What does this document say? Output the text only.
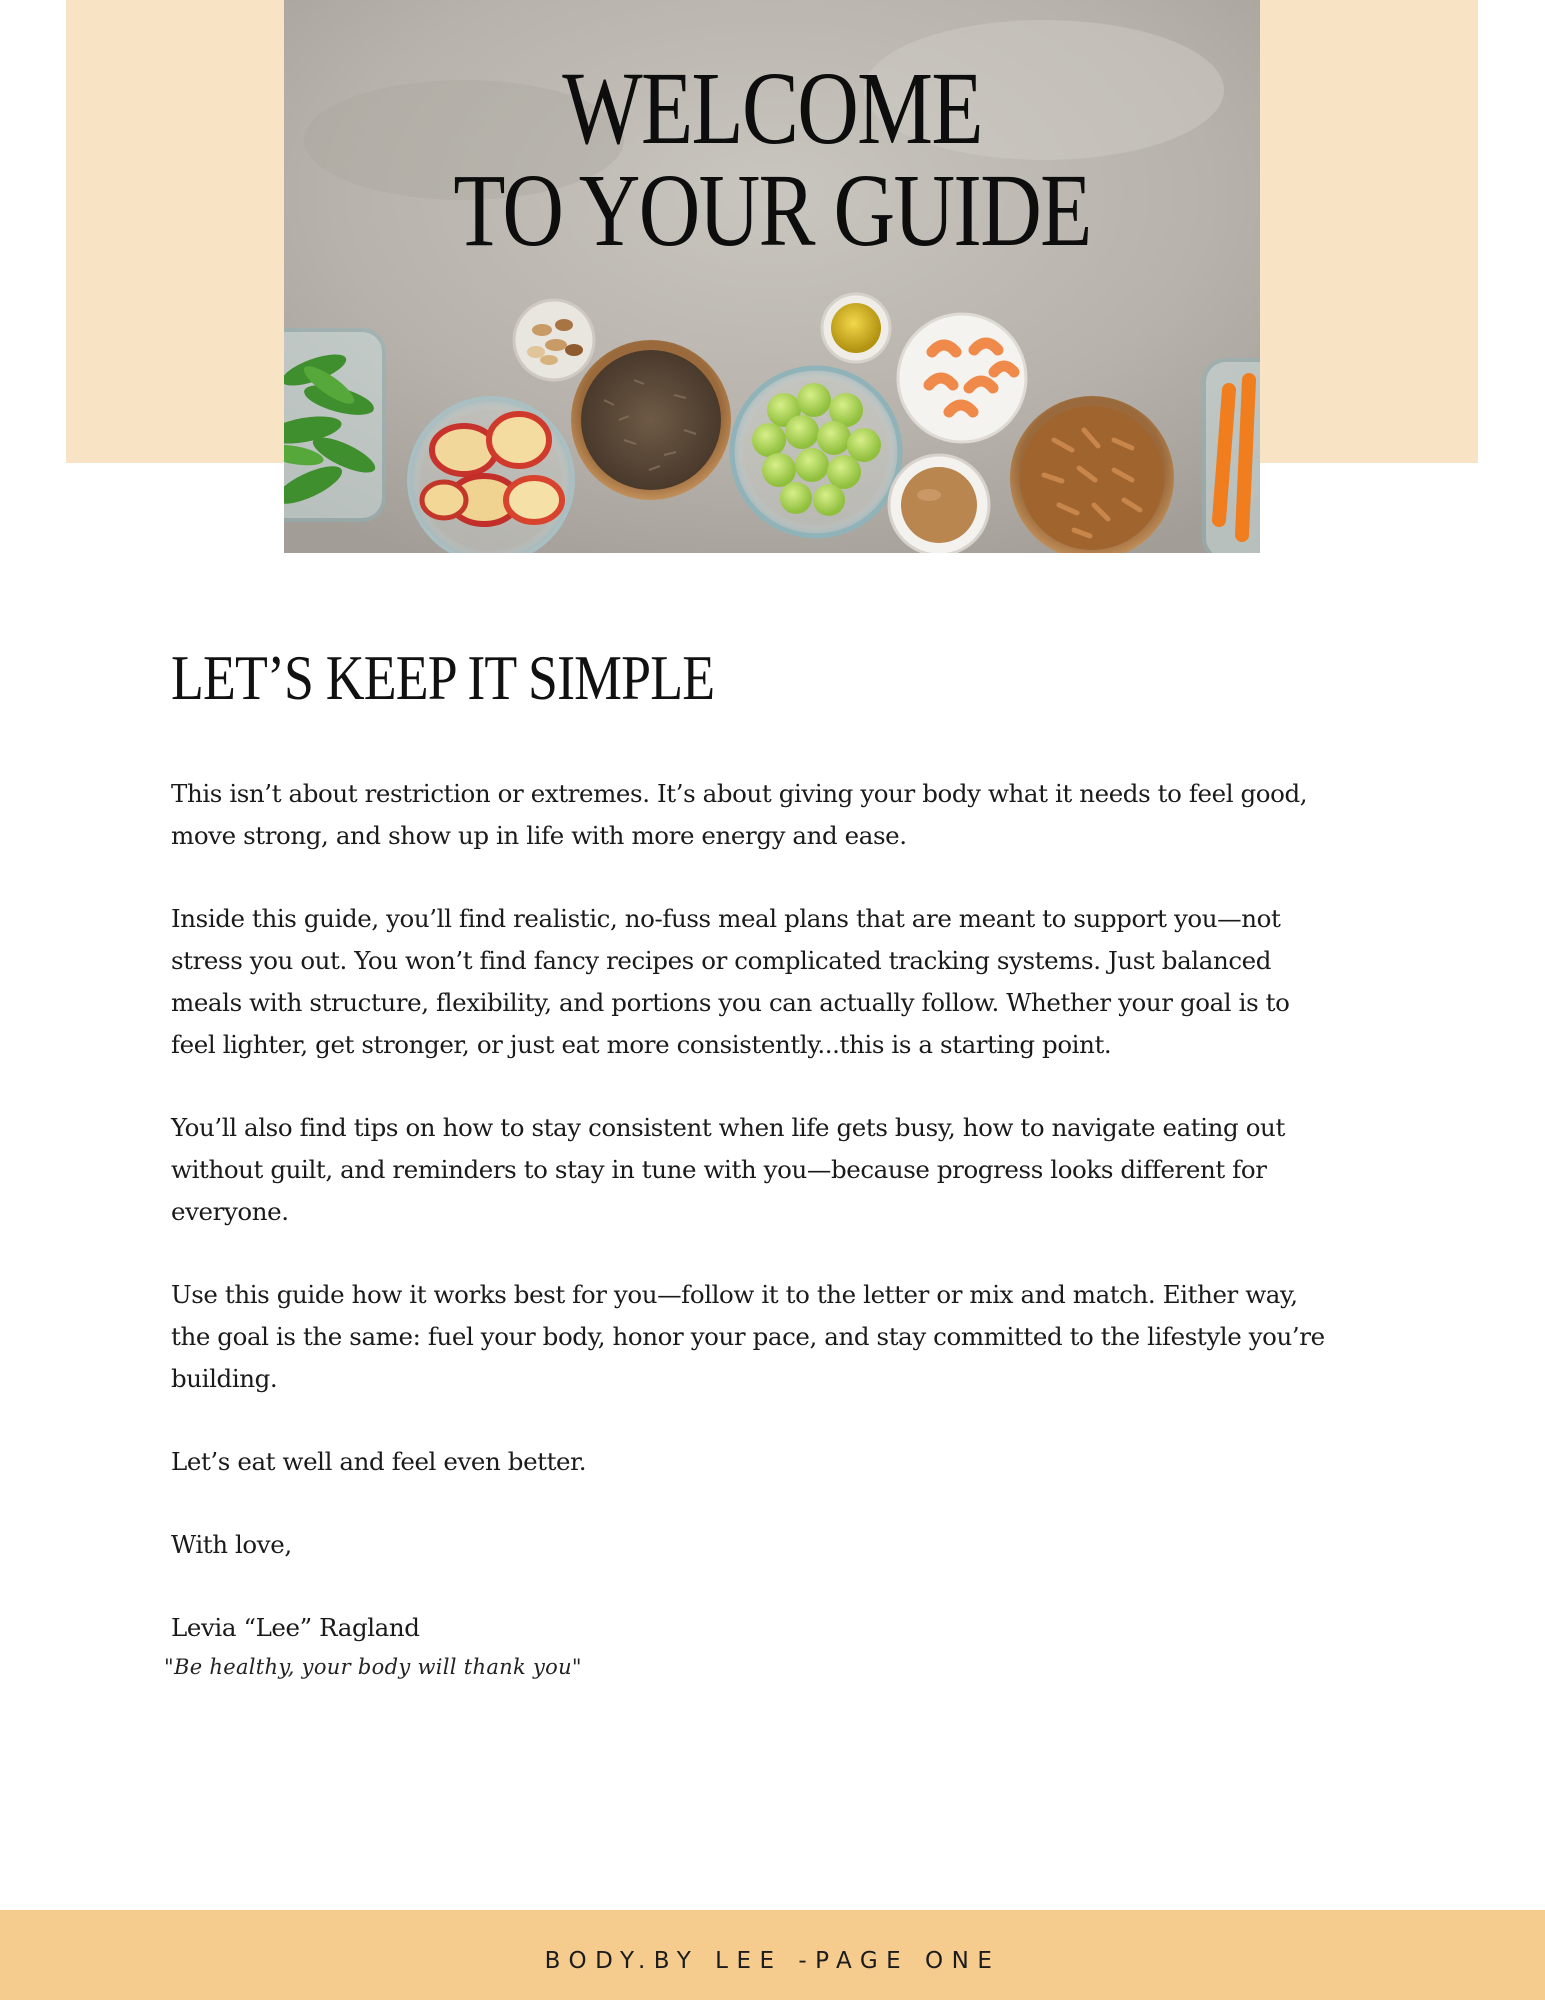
WELCOME
TO YOUR GUIDE
LET’S KEEP IT SIMPLE

This isn’t about restriction or extremes. It’s about giving your body what it needs to feel good, move strong, and show up in life with more energy and ease.

Inside this guide, you’ll find realistic, no-fuss meal plans that are meant to support you—not stress you out. You won’t find fancy recipes or complicated tracking systems. Just balanced meals with structure, flexibility, and portions you can actually follow. Whether your goal is to feel lighter, get stronger, or just eat more consistently...this is a starting point.

You’ll also find tips on how to stay consistent when life gets busy, how to navigate eating out without guilt, and reminders to stay in tune with you—because progress looks different for everyone.

Use this guide how it works best for you—follow it to the letter or mix and match. Either way, the goal is the same: fuel your body, honor your pace, and stay committed to the lifestyle you’re building.

Let’s eat well and feel even better.

With love,

Levia “Lee” Ragland

"Be healthy, your body will thank you"
BODY.BY LEE -PAGE ONE
